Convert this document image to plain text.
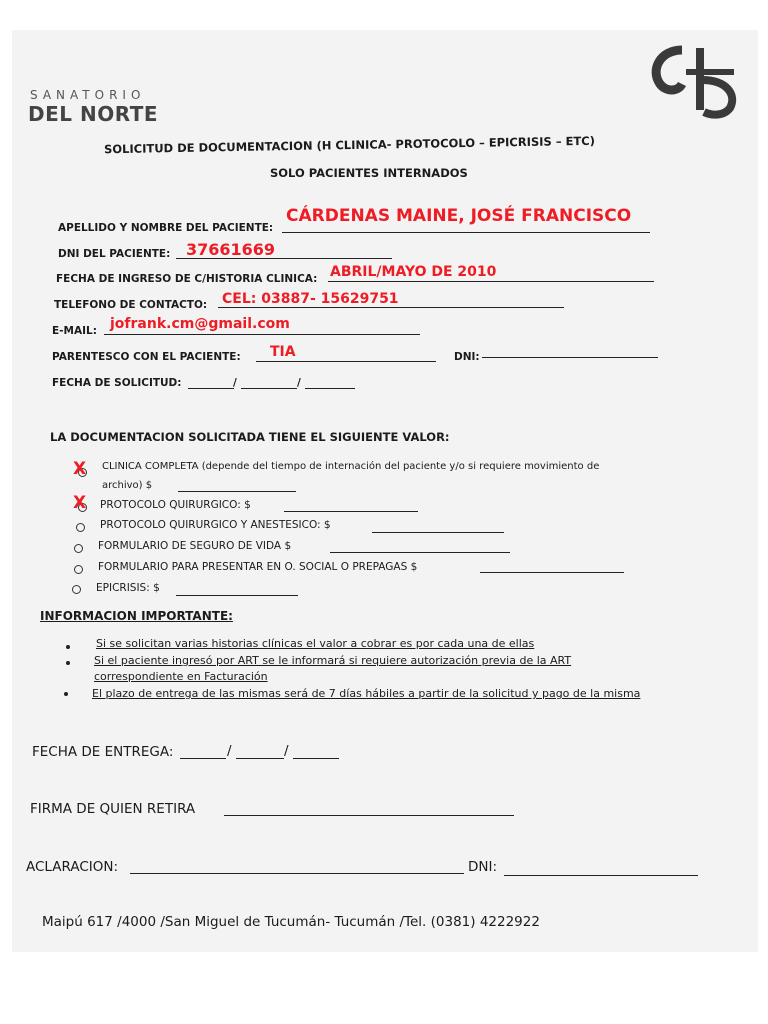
SANATORIO
DEL NORTE
SOLICITUD DE DOCUMENTACION (H CLINICA- PROTOCOLO – EPICRISIS – ETC)
SOLO PACIENTES INTERNADOS
APELLIDO Y NOMBRE DEL PACIENTE:
CÁRDENAS MAINE, JOSÉ FRANCISCO
DNI DEL PACIENTE: 37661669
FECHA DE INGRESO DE C/HISTORIA CLINICA: ABRIL/MAYO DE 2010
TELEFONO DE CONTACTO: CEL: 03887- 15629751
E-MAIL: jofrank.cm@gmail.com
PARENTESCO CON EL PACIENTE: TIA	DNI:
FECHA DE SOLICITUD:	/	/
LA DOCUMENTACION SOLICITADA TIENE EL SIGUIENTE VALOR:
X CLINICA COMPLETA (depende del tiempo de internación del paciente y/o si requiere movimiento de
archivo) $
X PROTOCOLO QUIRURGICO: $
PROTOCOLO QUIRURGICO Y ANESTESICO: $
FORMULARIO DE SEGURO DE VIDA $
FORMULARIO PARA PRESENTAR EN O. SOCIAL O PREPAGAS $
EPICRISIS: $
INFORMACION IMPORTANTE:
Si se solicitan varias historias clínicas el valor a cobrar es por cada una de ellas
Si el paciente ingresó por ART se le informará si requiere autorización previa de la ART
correspondiente en Facturación
El plazo de entrega de las mismas será de 7 días hábiles a partir de la solicitud y pago de la misma
FECHA DE ENTREGA:	/	/
FIRMA DE QUIEN RETIRA
ACLARACION:	DNI:
Maipú 617 /4000 /San Miguel de Tucumán- Tucumán /Tel. (0381) 4222922
